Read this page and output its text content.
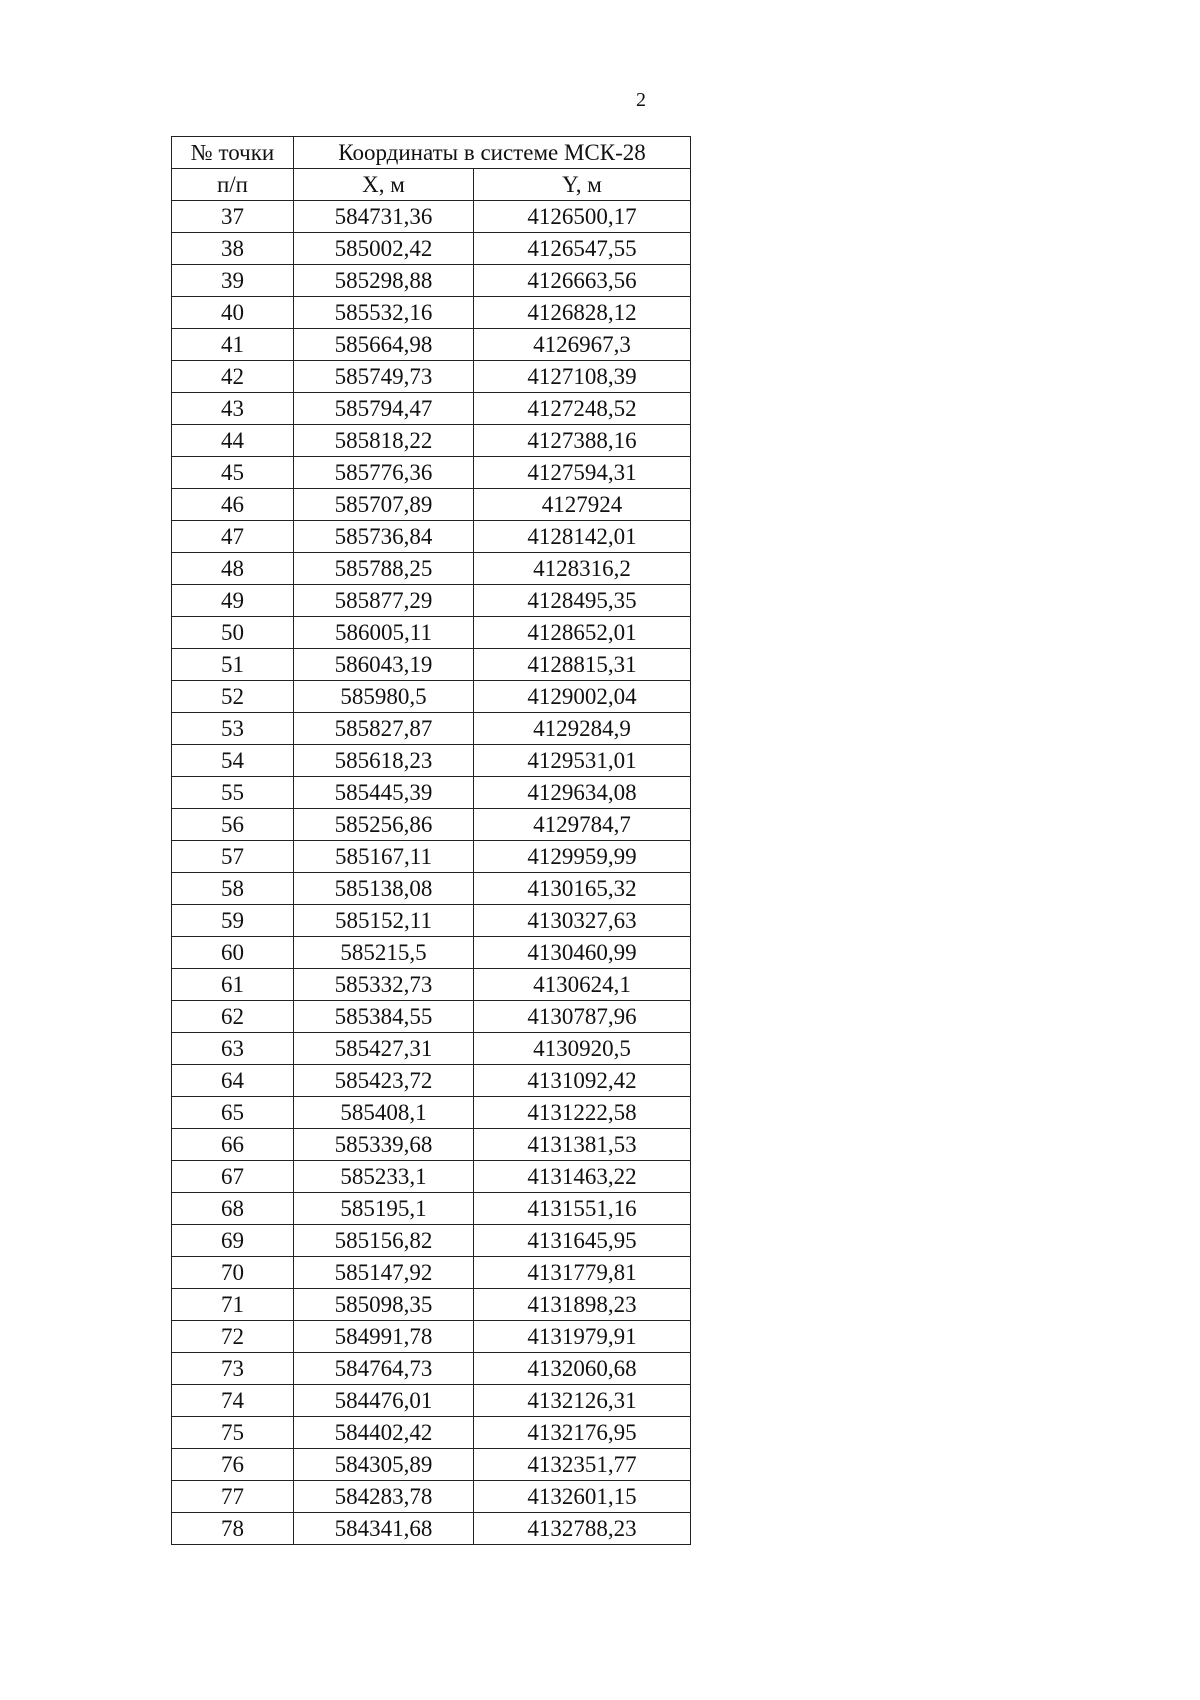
2
№ точки	Координаты в системе МСК-28	
п/п	X, м	Y, м
37	584731,36	4126500,17
38	585002,42	4126547,55
39	585298,88	4126663,56
40	585532,16	4126828,12
41	585664,98	4126967,3
42	585749,73	4127108,39
43	585794,47	4127248,52
44	585818,22	4127388,16
45	585776,36	4127594,31
46	585707,89	4127924
47	585736,84	4128142,01
48	585788,25	4128316,2
49	585877,29	4128495,35
50	586005,11	4128652,01
51	586043,19	4128815,31
52	585980,5	4129002,04
53	585827,87	4129284,9
54	585618,23	4129531,01
55	585445,39	4129634,08
56	585256,86	4129784,7
57	585167,11	4129959,99
58	585138,08	4130165,32
59	585152,11	4130327,63
60	585215,5	4130460,99
61	585332,73	4130624,1
62	585384,55	4130787,96
63	585427,31	4130920,5
64	585423,72	4131092,42
65	585408,1	4131222,58
66	585339,68	4131381,53
67	585233,1	4131463,22
68	585195,1	4131551,16
69	585156,82	4131645,95
70	585147,92	4131779,81
71	585098,35	4131898,23
72	584991,78	4131979,91
73	584764,73	4132060,68
74	584476,01	4132126,31
75	584402,42	4132176,95
76	584305,89	4132351,77
77	584283,78	4132601,15
78	584341,68	4132788,23
